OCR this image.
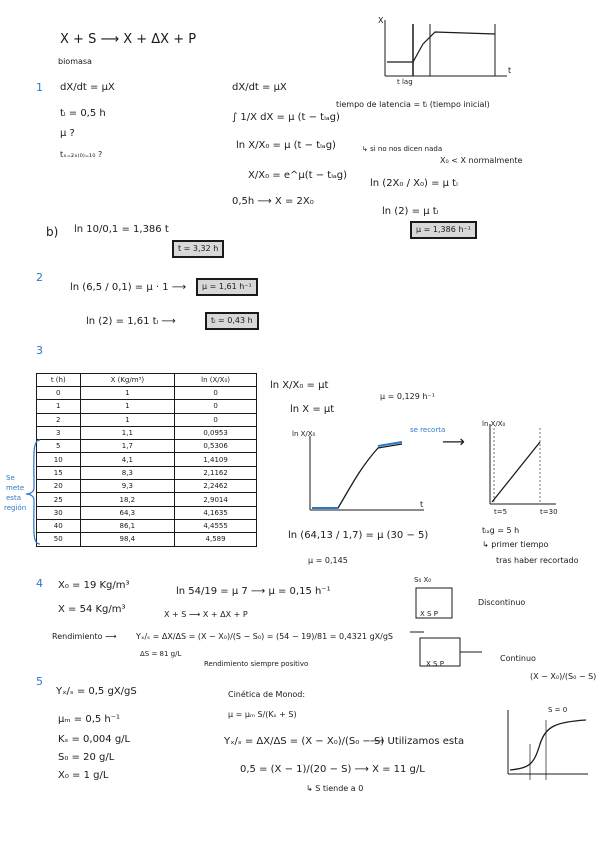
X + S ⟶ X + ΔX + P
biomasa
X
t
t lag
1 dX/dt = μX
tₗ = 0,5 h
μ ?
tₓ₌₂ₓ₍₀₎₌₁₀ ?
dX/dt = μX
tiempo de latencia = tₗ (tiempo inicial)
∫ 1/X dX = μ (t − tₗₐg)
ln X/X₀ = μ (t − tₗₐg)	↳ si no nos dicen nada
X₀ < X normalmente
X/X₀ = e^μ(t − tₗₐg)
ln (2X₀ / X₀) = μ tₗ
0,5h ⟶ X = 2X₀
ln (2) = μ tₗ
μ = 1,386 h⁻¹
b) ln 10/0,1 = 1,386 t
t = 3,32 h
2
ln (6,5 / 0,1) = μ · 1 ⟶	μ = 1,61 h⁻¹
ln (2) = 1,61 tₗ ⟶	tₗ = 0,43 h
3
t (h)	X (Kg/m³)	ln (X/X₀)
0	1	0
1	1	0
2	1	0
3	1,1	0,0953
5	1,7	0,5306
10	4,1	1,4109
15	8,3	2,1162
20	9,3	2,2462
25	18,2	2,9014
30	64,3	4,1635
40	86,1	4,4555
50	98,4	4,589
Se
mete
esta
región
ln X/X₀ = μt
ln X = μt
μ = 0,129 h⁻¹
ln X/X₀	se recorta
t
⟶
ln X/X₀
t=5	t=30
ln (64,13 / 1,7) = μ (30 − 5)
μ = 0,145
tₗₐg = 5 h
↳ primer tiempo
tras haber recortado
4 X₀ = 19 Kg/m³
X = 54 Kg/m³
ln 54/19 = μ 7 ⟶ μ = 0,15 h⁻¹
X + S ⟶ X + ΔX + P
Rendimiento ⟶ Yₓ/ₛ = ΔX/ΔS = (X − X₀)/(S − S₀) = (54 − 19)/81 = 0,4321 gX/gS
ΔS = 81 g/L
Rendimiento siempre positivo
S₀ X₀
X S P
Discontinuo
X S P
Continuo
(X − X₀)/(S₀ − S)
5
Yₓ/ₛ = 0,5 gX/gS
μₘ = 0,5 h⁻¹
Kₛ = 0,004 g/L
S₀ = 20 g/L
X₀ = 1 g/L
Cinética de Monod:
μ = μₘ S/(Kₛ + S)
Yₓ/ₛ = ΔX/ΔS = (X − X₀)/(S₀ − S)
⟶ Utilizamos esta
0,5 = (X − 1)/(20 − S) ⟶ X = 11 g/L
↳ S tiende a 0
S = 0
